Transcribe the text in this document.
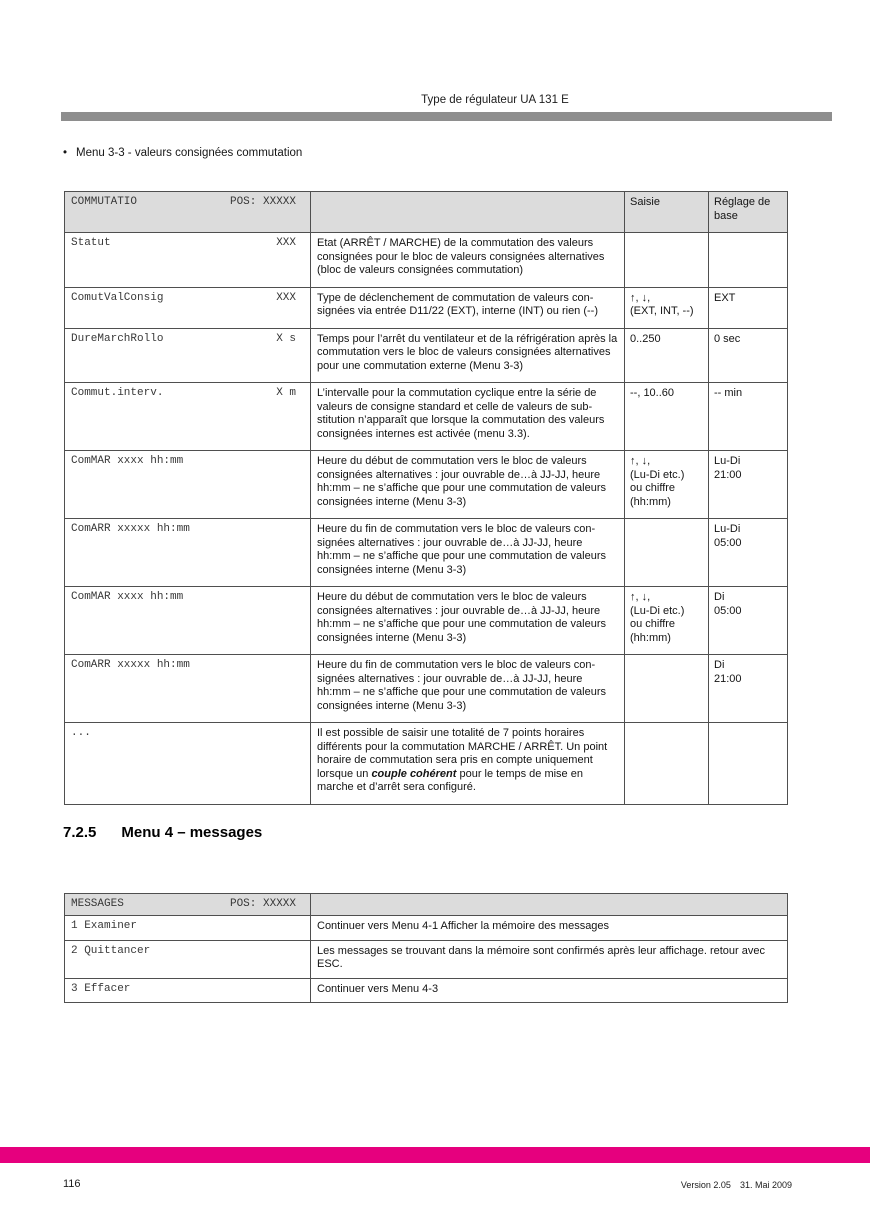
Type de régulateur UA 131 E
• Menu 3-3 - valeurs consignées commutation
COMMUTATIO POS: XXXXX		Saisie	Réglage de base

Statut XXX	Etat (ARRÊT / MARCHE) de la commutation des valeurs consignées pour le bloc de valeurs consignées alternatives (bloc de valeurs consignées commutation)		

ComutValConsig XXX	Type de déclenchement de commutation de valeurs consignées via entrée D11/22 (EXT), interne (INT) ou rien (--)	↑, ↓,
(EXT, INT, --)	EXT

DureMarchRollo X s	Temps pour l’arrêt du ventilateur et de la réfrigération après la commutation vers le bloc de valeurs consignées alternatives pour une commutation externe (Menu 3-3)	0..250	0 sec

Commut.interv. X m	L’intervalle pour la commutation cyclique entre la série de valeurs de consigne standard et celle de valeurs de substitution n’apparaît que lorsque la commutation des valeurs consignées internes est activée (menu 3.3).	--, 10..60	-- min

ComMAR xxxx hh:mm	Heure du début de commutation vers le bloc de valeurs consignées alternatives : jour ouvrable de…à JJ-JJ, heure hh:mm – ne s’affiche que pour une commutation de valeurs consignées interne (Menu 3-3)	↑, ↓,
(Lu-Di etc.)
ou chiffre
(hh:mm)	Lu-Di
21:00

ComARR xxxxx hh:mm	Heure du fin de commutation vers le bloc de valeurs consignées alternatives : jour ouvrable de…à JJ-JJ, heure hh:mm – ne s’affiche que pour une commutation de valeurs consignées interne (Menu 3-3)		Lu-Di
05:00

ComMAR xxxx hh:mm	Heure du début de commutation vers le bloc de valeurs consignées alternatives : jour ouvrable de…à JJ-JJ, heure hh:mm – ne s’affiche que pour une commutation de valeurs consignées interne (Menu 3-3)	↑, ↓,
(Lu-Di etc.)
ou chiffre
(hh:mm)	Di
05:00

ComARR xxxxx hh:mm	Heure du fin de commutation vers le bloc de valeurs consignées alternatives : jour ouvrable de…à JJ-JJ, heure hh:mm – ne s’affiche que pour une commutation de valeurs consignées interne (Menu 3-3)		Di
21:00

...	Il est possible de saisir une totalité de 7 points horaires différents pour la commutation MARCHE / ARRÊT. Un point horaire de commutation sera pris en compte uniquement lorsque un couple cohérent pour le temps de mise en marche et d’arrêt sera configuré.		
7.2.5 Menu 4 – messages
MESSAGES POS: XXXXX	

1 Examiner	Continuer vers Menu 4-1 Afficher la mémoire des messages
2 Quittancer	Les messages se trouvant dans la mémoire sont confirmés après leur affichage. retour avec ESC.
3 Effacer	Continuer vers Menu 4-3
116	Version 2.05 31. Mai 2009
